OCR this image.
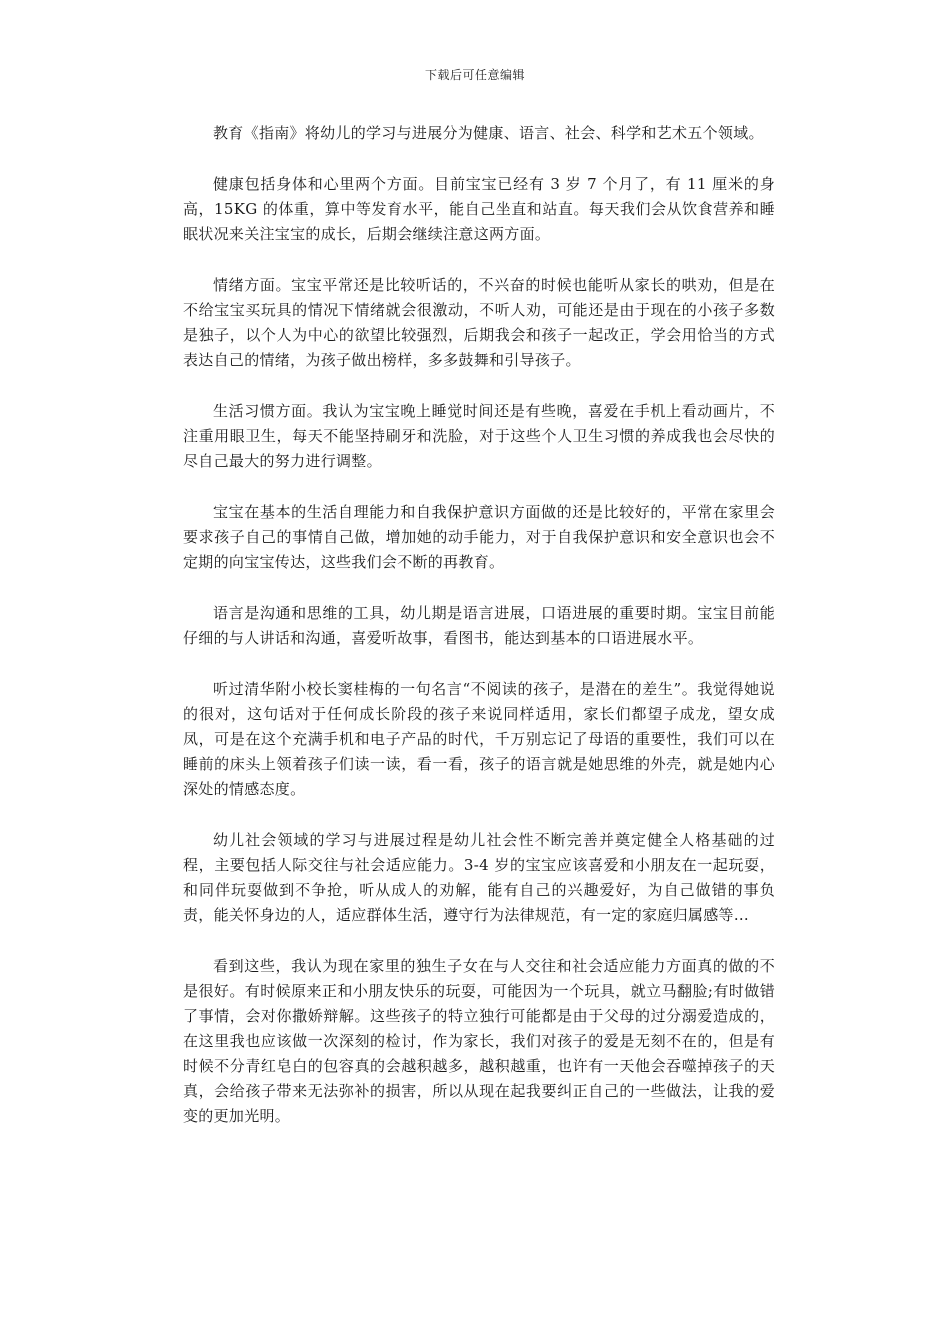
下载后可任意编辑

教育《指南》将幼儿的学习与进展分为健康、语言、社会、科学和艺术五个领域。

健康包括身体和心里两个方面。目前宝宝已经有 3 岁 7 个月了，有 11 厘米的身高，15KG 的体重，算中等发育水平，能自己坐直和站直。每天我们会从饮食营养和睡眠状况来关注宝宝的成长，后期会继续注意这两方面。

情绪方面。宝宝平常还是比较听话的，不兴奋的时候也能听从家长的哄劝，但是在不给宝宝买玩具的情况下情绪就会很激动，不听人劝，可能还是由于现在的小孩子多数是独子，以个人为中心的欲望比较强烈，后期我会和孩子一起改正，学会用恰当的方式表达自己的情绪，为孩子做出榜样，多多鼓舞和引导孩子。

生活习惯方面。我认为宝宝晚上睡觉时间还是有些晚，喜爱在手机上看动画片，不注重用眼卫生，每天不能坚持刷牙和洗脸，对于这些个人卫生习惯的养成我也会尽快的尽自己最大的努力进行调整。

宝宝在基本的生活自理能力和自我保护意识方面做的还是比较好的，平常在家里会要求孩子自己的事情自己做，增加她的动手能力，对于自我保护意识和安全意识也会不定期的向宝宝传达，这些我们会不断的再教育。

语言是沟通和思维的工具，幼儿期是语言进展，口语进展的重要时期。宝宝目前能仔细的与人讲话和沟通，喜爱听故事，看图书，能达到基本的口语进展水平。

听过清华附小校长窦桂梅的一句名言“不阅读的孩子，是潜在的差生”。我觉得她说的很对，这句话对于任何成长阶段的孩子来说同样适用，家长们都望子成龙，望女成凤，可是在这个充满手机和电子产品的时代，千万别忘记了母语的重要性，我们可以在睡前的床头上领着孩子们读一读，看一看，孩子的语言就是她思维的外壳，就是她内心深处的情感态度。

幼儿社会领域的学习与进展过程是幼儿社会性不断完善并奠定健全人格基础的过程，主要包括人际交往与社会适应能力。3-4 岁的宝宝应该喜爱和小朋友在一起玩耍，和同伴玩耍做到不争抢，听从成人的劝解，能有自己的兴趣爱好，为自己做错的事负责，能关怀身边的人，适应群体生活，遵守行为法律规范，有一定的家庭归属感等…

看到这些，我认为现在家里的独生子女在与人交往和社会适应能力方面真的做的不是很好。有时候原来正和小朋友快乐的玩耍，可能因为一个玩具，就立马翻脸;有时做错了事情，会对你撒娇辩解。这些孩子的特立独行可能都是由于父母的过分溺爱造成的，在这里我也应该做一次深刻的检讨，作为家长，我们对孩子的爱是无刻不在的，但是有时候不分青红皂白的包容真的会越积越多，越积越重，也许有一天他会吞噬掉孩子的天真，会给孩子带来无法弥补的损害，所以从现在起我要纠正自己的一些做法，让我的爱变的更加光明。
